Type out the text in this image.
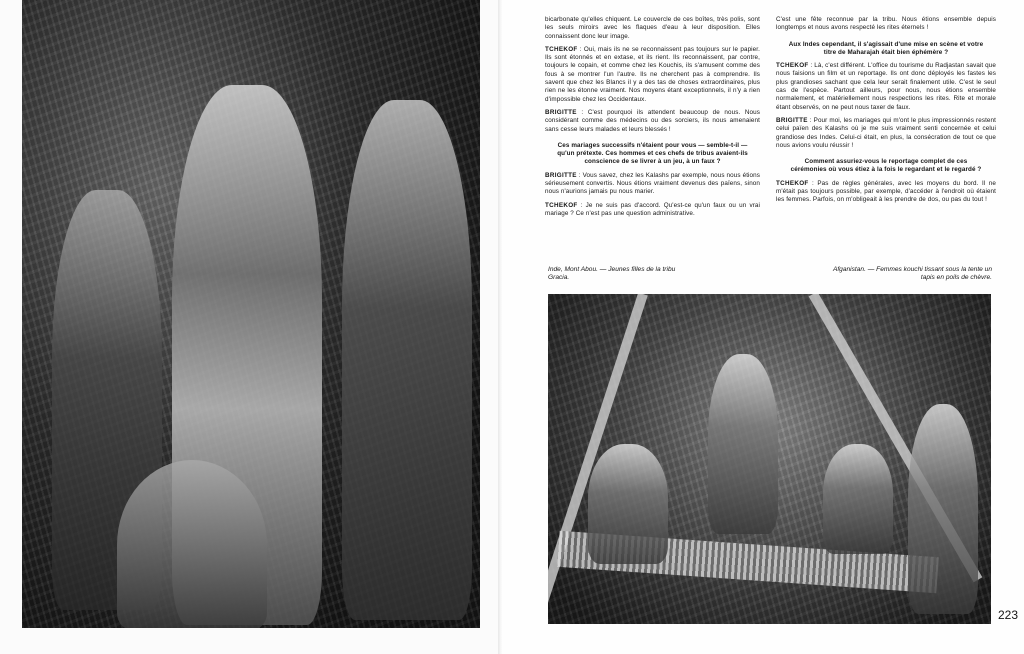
bicarbonate qu'elles chiquent. Le couvercle de ces boîtes, très polis, sont les seuls miroirs avec les flaques d'eau à leur disposition. Elles connaissent donc leur image.

TCHEKOF : Oui, mais ils ne se reconnaissent pas toujours sur le papier. Ils sont étonnés et en extase, et ils rient. Ils reconnaissent, par contre, toujours le copain, et comme chez les Kouchis, ils s'amusent comme des fous à se montrer l'un l'autre. Ils ne cherchent pas à comprendre. Ils savent que chez les Blancs il y a des tas de choses extraordinaires, plus rien ne les étonne vraiment. Nos moyens étant exceptionnels, il n'y a rien d'impossible chez les Occidentaux.

BRIGITTE : C'est pourquoi ils attendent beaucoup de nous. Nous considérant comme des médecins ou des sorciers, ils nous amenaient sans cesse leurs malades et leurs blessés !

Ces mariages successifs n'étaient pour vous — semble-t-il — qu'un prétexte. Ces hommes et ces chefs de tribus avaient-ils conscience de se livrer à un jeu, à un faux ?

BRIGITTE : Vous savez, chez les Kalashs par exemple, nous nous étions sérieusement convertis. Nous étions vraiment devenus des païens, sinon nous n'aurions jamais pu nous marier.

TCHEKOF : Je ne suis pas d'accord. Qu'est-ce qu'un faux ou un vrai mariage ? Ce n'est pas une question administrative.

C'est une fête reconnue par la tribu. Nous étions ensemble depuis longtemps et nous avons respecté les rites éternels !

Aux Indes cependant, il s'agissait d'une mise en scène et votre titre de Maharajah était bien éphémère ?

TCHEKOF : Là, c'est différent. L'office du tourisme du Radjastan savait que nous faisions un film et un reportage. Ils ont donc déployés les fastes les plus grandioses sachant que cela leur serait finalement utile. C'est le seul cas de l'espèce. Partout ailleurs, pour nous, nous étions ensemble normalement, et matériellement nous respections les rites. Rite et morale étant observés, on ne peut nous taxer de faux.

BRIGITTE : Pour moi, les mariages qui m'ont le plus impressionnés restent celui païen des Kalashs où je me suis vraiment senti concernée et celui grandiose des Indes. Celui-ci était, en plus, la consécration de tout ce que nous avions voulu réussir !

Comment assuriez-vous le reportage complet de ces cérémonies où vous étiez à la fois le regardant et le regardé ?

TCHEKOF : Pas de règles générales, avec les moyens du bord. Il ne m'était pas toujours possible, par exemple, d'accéder à l'endroit où étaient les femmes. Parfois, on m'obligeait à les prendre de dos, ou pas du tout !

Inde, Mont Abou. — Jeunes filles de la tribu Gracia.
Afganistan. — Femmes kouchi tissant sous la tente un tapis en poils de chèvre.
223
